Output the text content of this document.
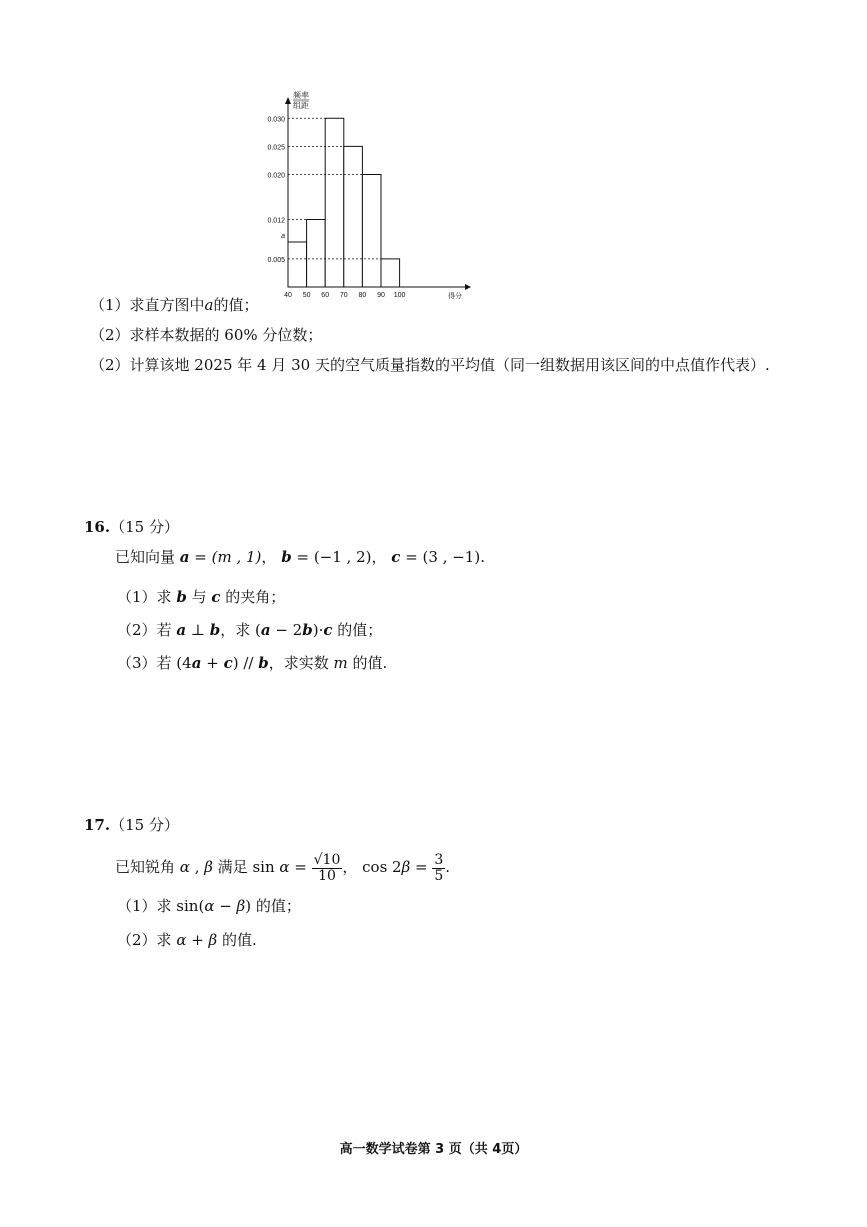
频率
组距
a
0.012
0.030
0.025
0.020
0.005
40 50 60 70 80 90 100	得分
（1）求直方图中a的值；
（2）求样本数据的 60% 分位数；
（2）计算该地 2025 年 4 月 30 天的空气质量指数的平均值（同一组数据用该区间的中点值作代表）.
16.（15 分）
已知向量 a = (m , 1)， b = (−1 , 2)， c = (3 , −1).
（1）求 b 与 c 的夹角；
（2）若 a ⊥ b，求 (a − 2b)·c 的值；
（3）若 (4a + c) // b，求实数 m 的值.
17.（15 分）
已知锐角 α , β 满足 $\sin \alpha = \frac{√10}{10}$ ， $\cos 2\beta = \frac{3}{5}$ .
（1）求 sin(α − β) 的值；
（2）求 α + β 的值.
高一数学试卷第 3 页（共 4页）
